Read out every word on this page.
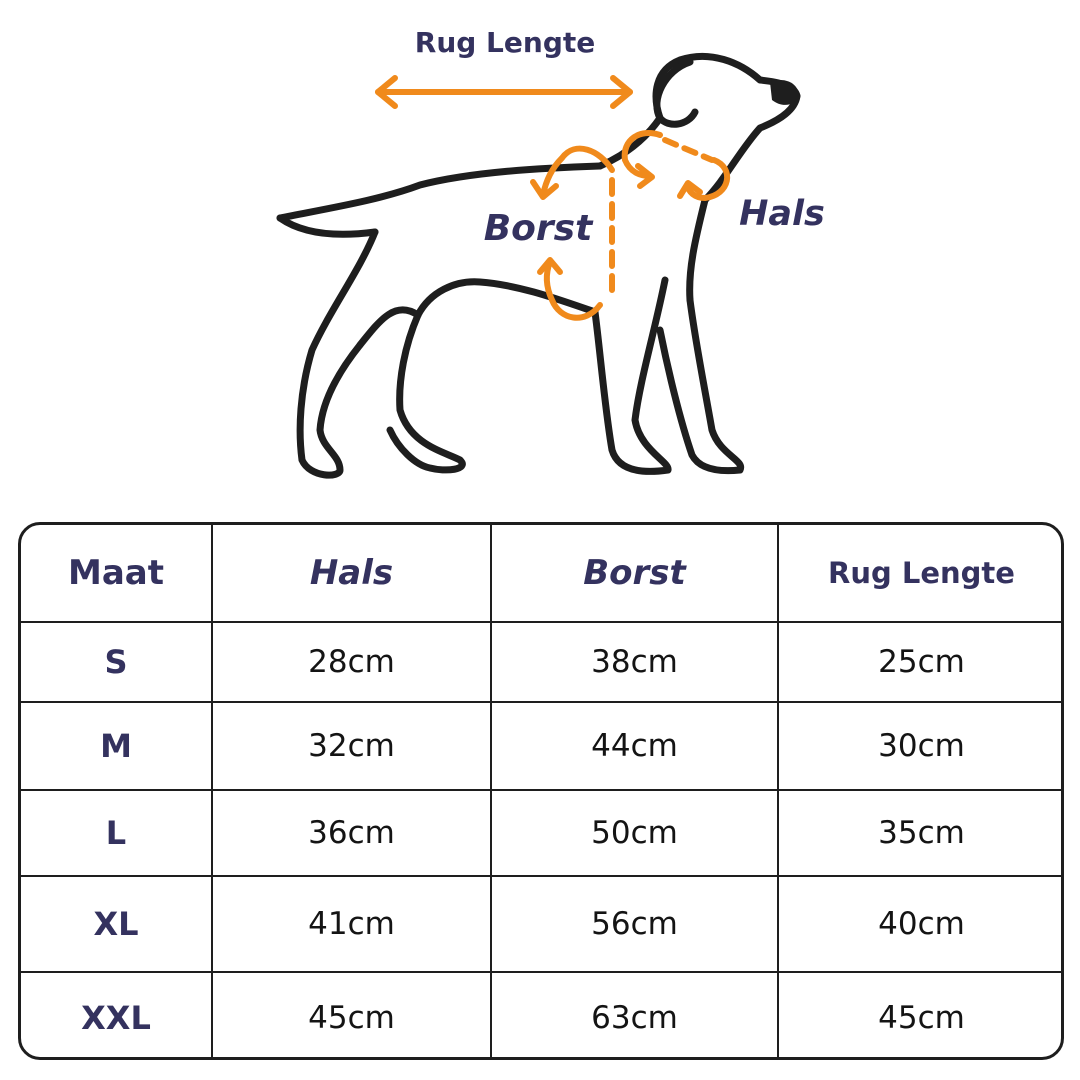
Rug Lengte
Borst	Hals
Maat	Hals	Borst	Rug Lengte
S	28cm	38cm	25cm
M	32cm	44cm	30cm
L	36cm	50cm	35cm
XL	41cm	56cm	40cm
XXL	45cm	63cm	45cm
